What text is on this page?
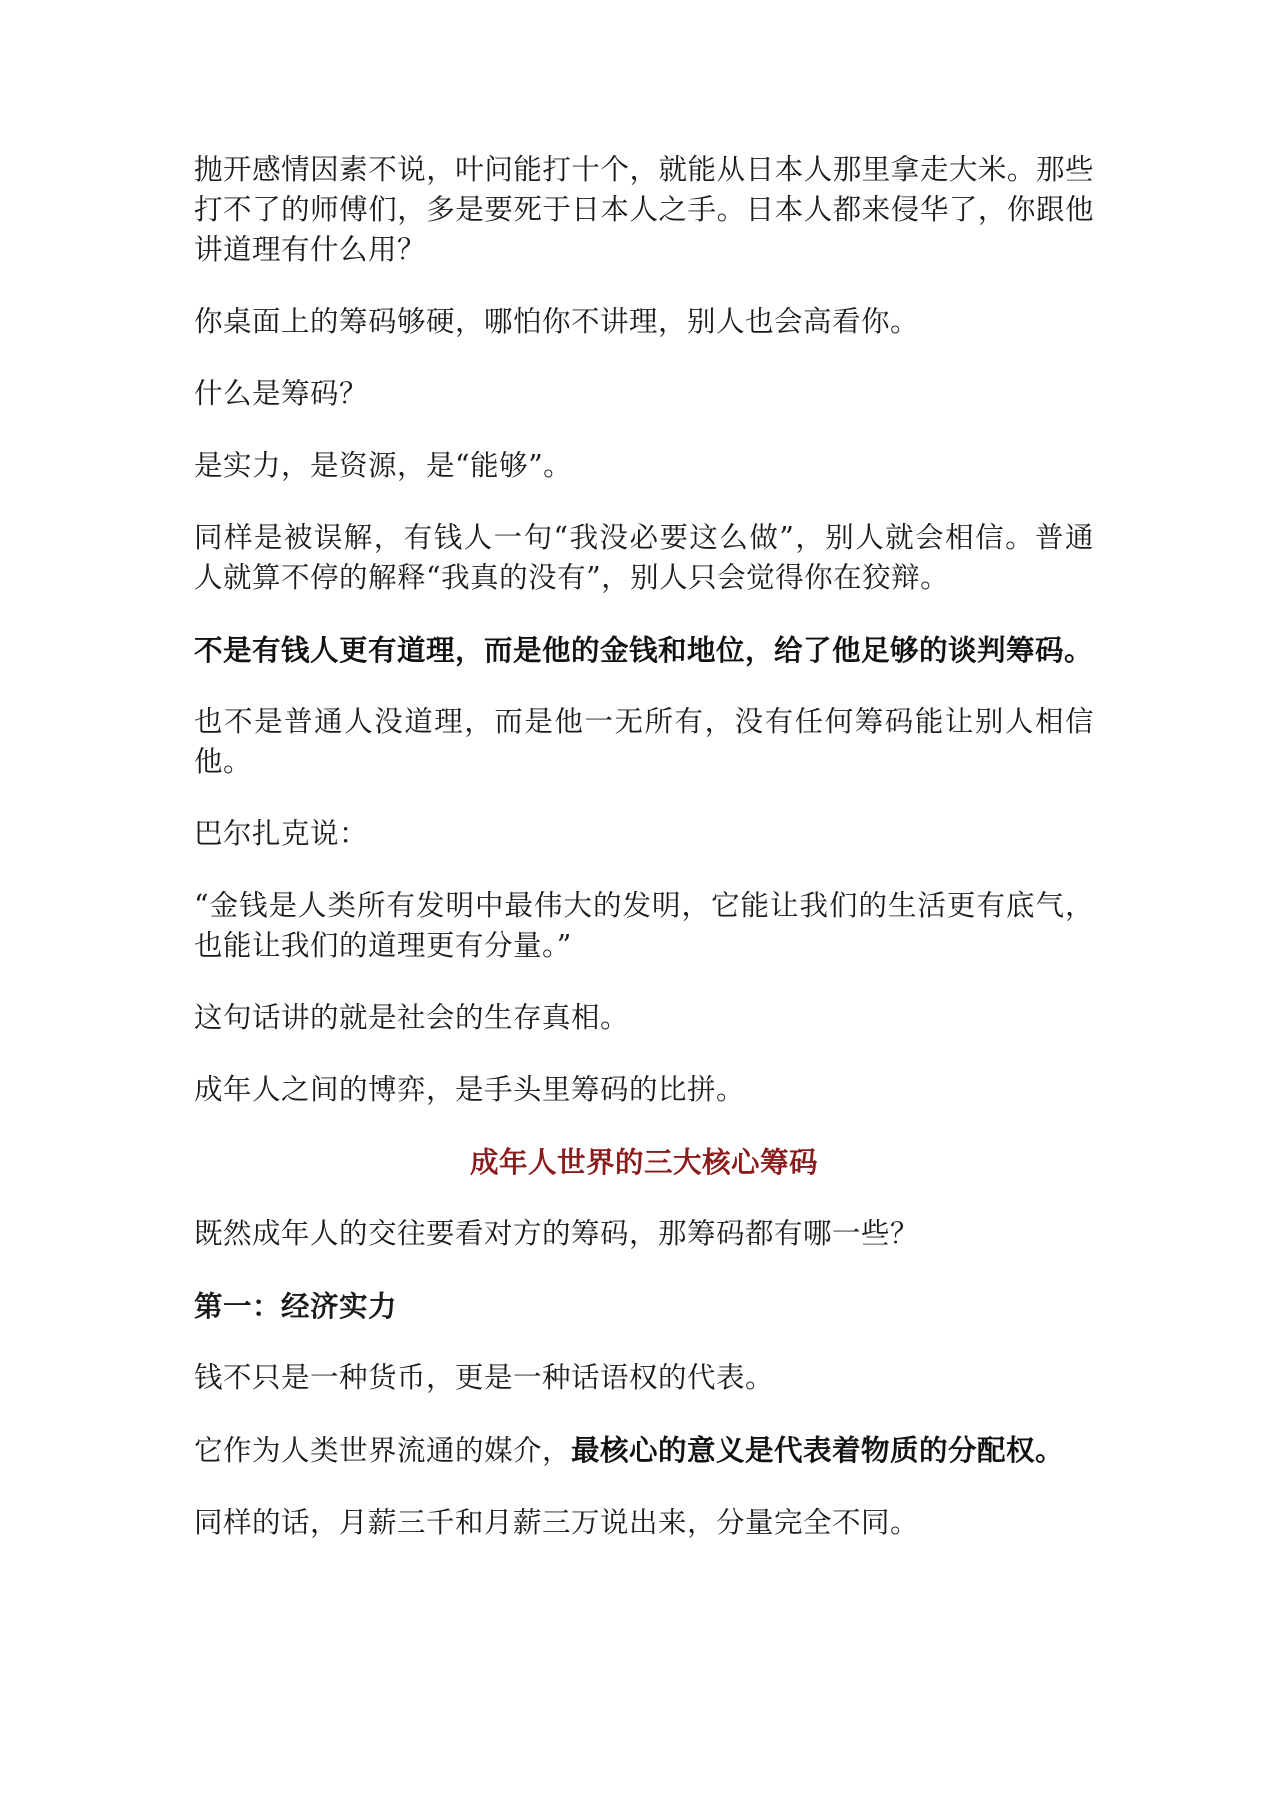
抛开感情因素不说，叶问能打十个，就能从日本人那里拿走大米。那些打不了的师傅们，多是要死于日本人之手。日本人都来侵华了，你跟他讲道理有什么用？

你桌面上的筹码够硬，哪怕你不讲理，别人也会高看你。

什么是筹码？

是实力，是资源，是“能够”。

同样是被误解，有钱人一句“我没必要这么做”，别人就会相信。普通人就算不停的解释“我真的没有”，别人只会觉得你在狡辩。

不是有钱人更有道理，而是他的金钱和地位，给了他足够的谈判筹码。

也不是普通人没道理，而是他一无所有，没有任何筹码能让别人相信他。

巴尔扎克说：

“金钱是人类所有发明中最伟大的发明，它能让我们的生活更有底气，也能让我们的道理更有分量。”

这句话讲的就是社会的生存真相。

成年人之间的博弈，是手头里筹码的比拼。

成年人世界的三大核心筹码

既然成年人的交往要看对方的筹码，那筹码都有哪一些？

第一：经济实力

钱不只是一种货币，更是一种话语权的代表。

它作为人类世界流通的媒介，最核心的意义是代表着物质的分配权。

同样的话，月薪三千和月薪三万说出来，分量完全不同。
